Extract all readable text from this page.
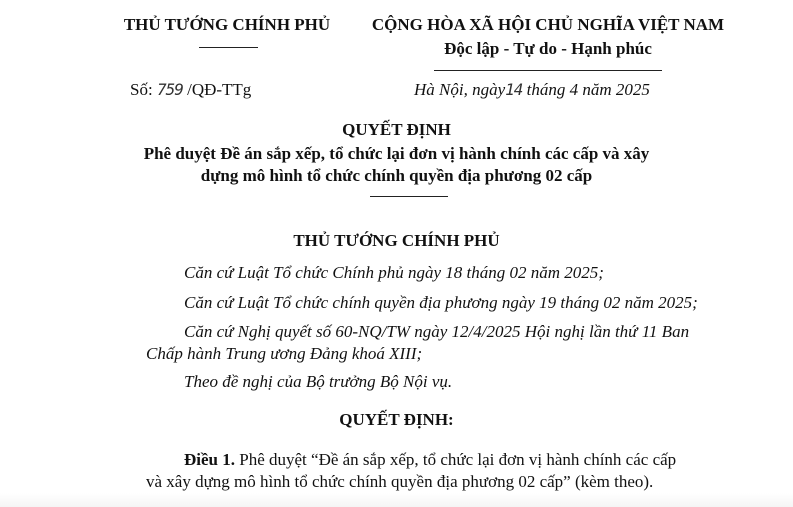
THỦ TƯỚNG CHÍNH PHỦ	CỘNG HÒA XÃ HỘI CHỦ NGHĨA VIỆT NAM
Độc lập - Tự do - Hạnh phúc
Số: 759 /QĐ-TTg	Hà Nội, ngày14 tháng 4 năm 2025
QUYẾT ĐỊNH
Phê duyệt Đề án sắp xếp, tổ chức lại đơn vị hành chính các cấp và xây
dựng mô hình tổ chức chính quyền địa phương 02 cấp
THỦ TƯỚNG CHÍNH PHỦ
Căn cứ Luật Tổ chức Chính phủ ngày 18 tháng 02 năm 2025;
Căn cứ Luật Tổ chức chính quyền địa phương ngày 19 tháng 02 năm 2025;
Căn cứ Nghị quyết số 60-NQ/TW ngày 12/4/2025 Hội nghị lần thứ 11 Ban
Chấp hành Trung ương Đảng khoá XIII;
Theo đề nghị của Bộ trưởng Bộ Nội vụ.
QUYẾT ĐỊNH:
Điều 1. Phê duyệt “Đề án sắp xếp, tổ chức lại đơn vị hành chính các cấp
và xây dựng mô hình tổ chức chính quyền địa phương 02 cấp” (kèm theo).
